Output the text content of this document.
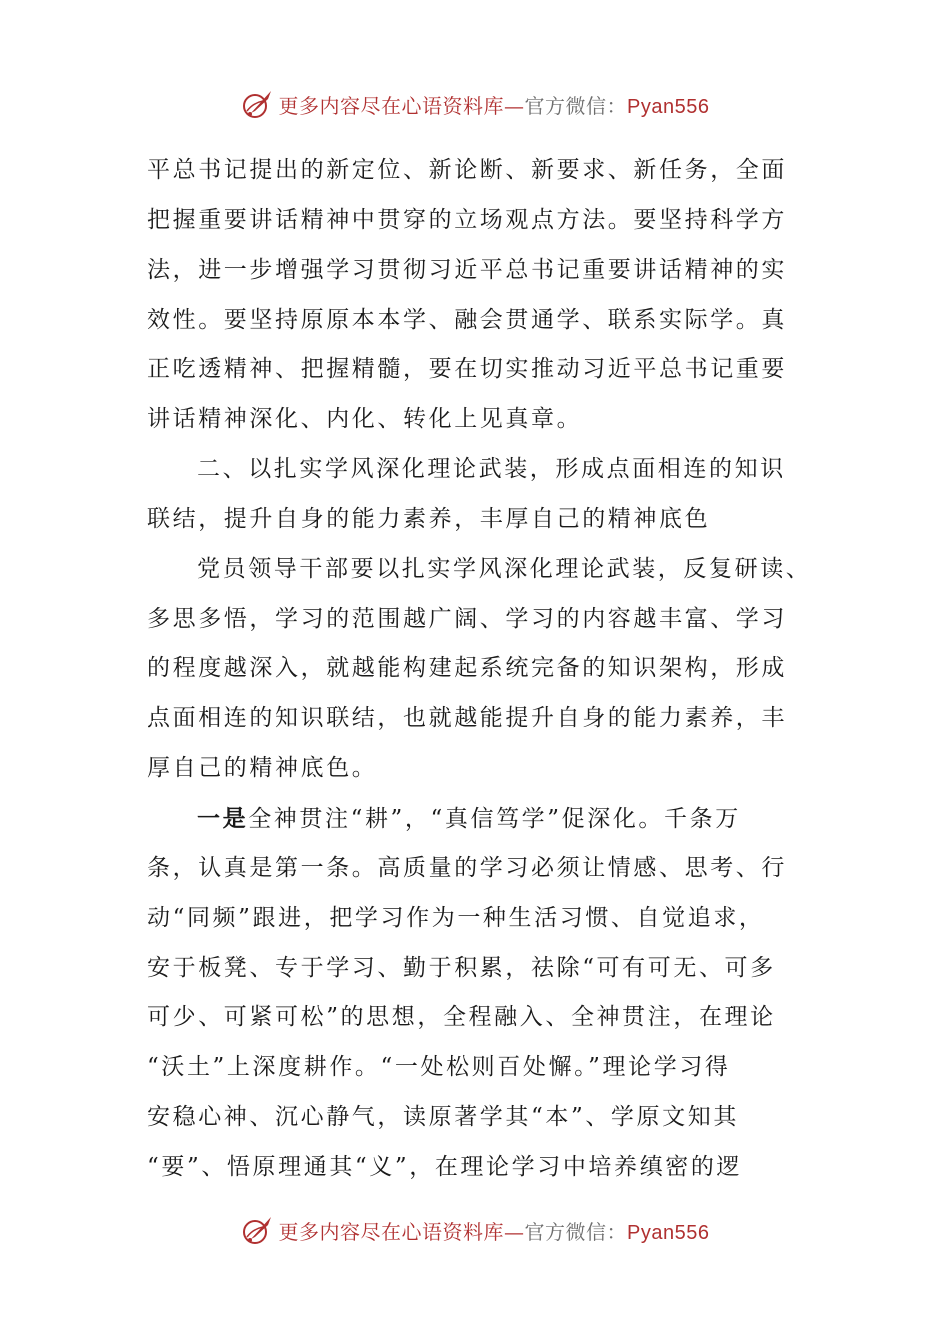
更多内容尽在心语资料库—官方微信：Pyan556
平总书记提出的新定位、新论断、新要求、新任务，全面
把握重要讲话精神中贯穿的立场观点方法。要坚持科学方
法，进一步增强学习贯彻习近平总书记重要讲话精神的实
效性。要坚持原原本本学、融会贯通学、联系实际学。真
正吃透精神、把握精髓，要在切实推动习近平总书记重要
讲话精神深化、内化、转化上见真章。
二、以扎实学风深化理论武装，形成点面相连的知识
联结，提升自身的能力素养，丰厚自己的精神底色
党员领导干部要以扎实学风深化理论武装，反复研读、
多思多悟，学习的范围越广阔、学习的内容越丰富、学习
的程度越深入，就越能构建起系统完备的知识架构，形成
点面相连的知识联结，也就越能提升自身的能力素养，丰
厚自己的精神底色。
一是全神贯注“耕”，“真信笃学”促深化。千条万
条，认真是第一条。高质量的学习必须让情感、思考、行
动“同频”跟进，把学习作为一种生活习惯、自觉追求，
安于板凳、专于学习、勤于积累，祛除“可有可无、可多
可少、可紧可松”的思想，全程融入、全神贯注，在理论
“沃土”上深度耕作。“一处松则百处懈。”理论学习得
安稳心神、沉心静气，读原著学其“本”、学原文知其
“要”、悟原理通其“义”，在理论学习中培养缜密的逻
更多内容尽在心语资料库—官方微信：Pyan556
